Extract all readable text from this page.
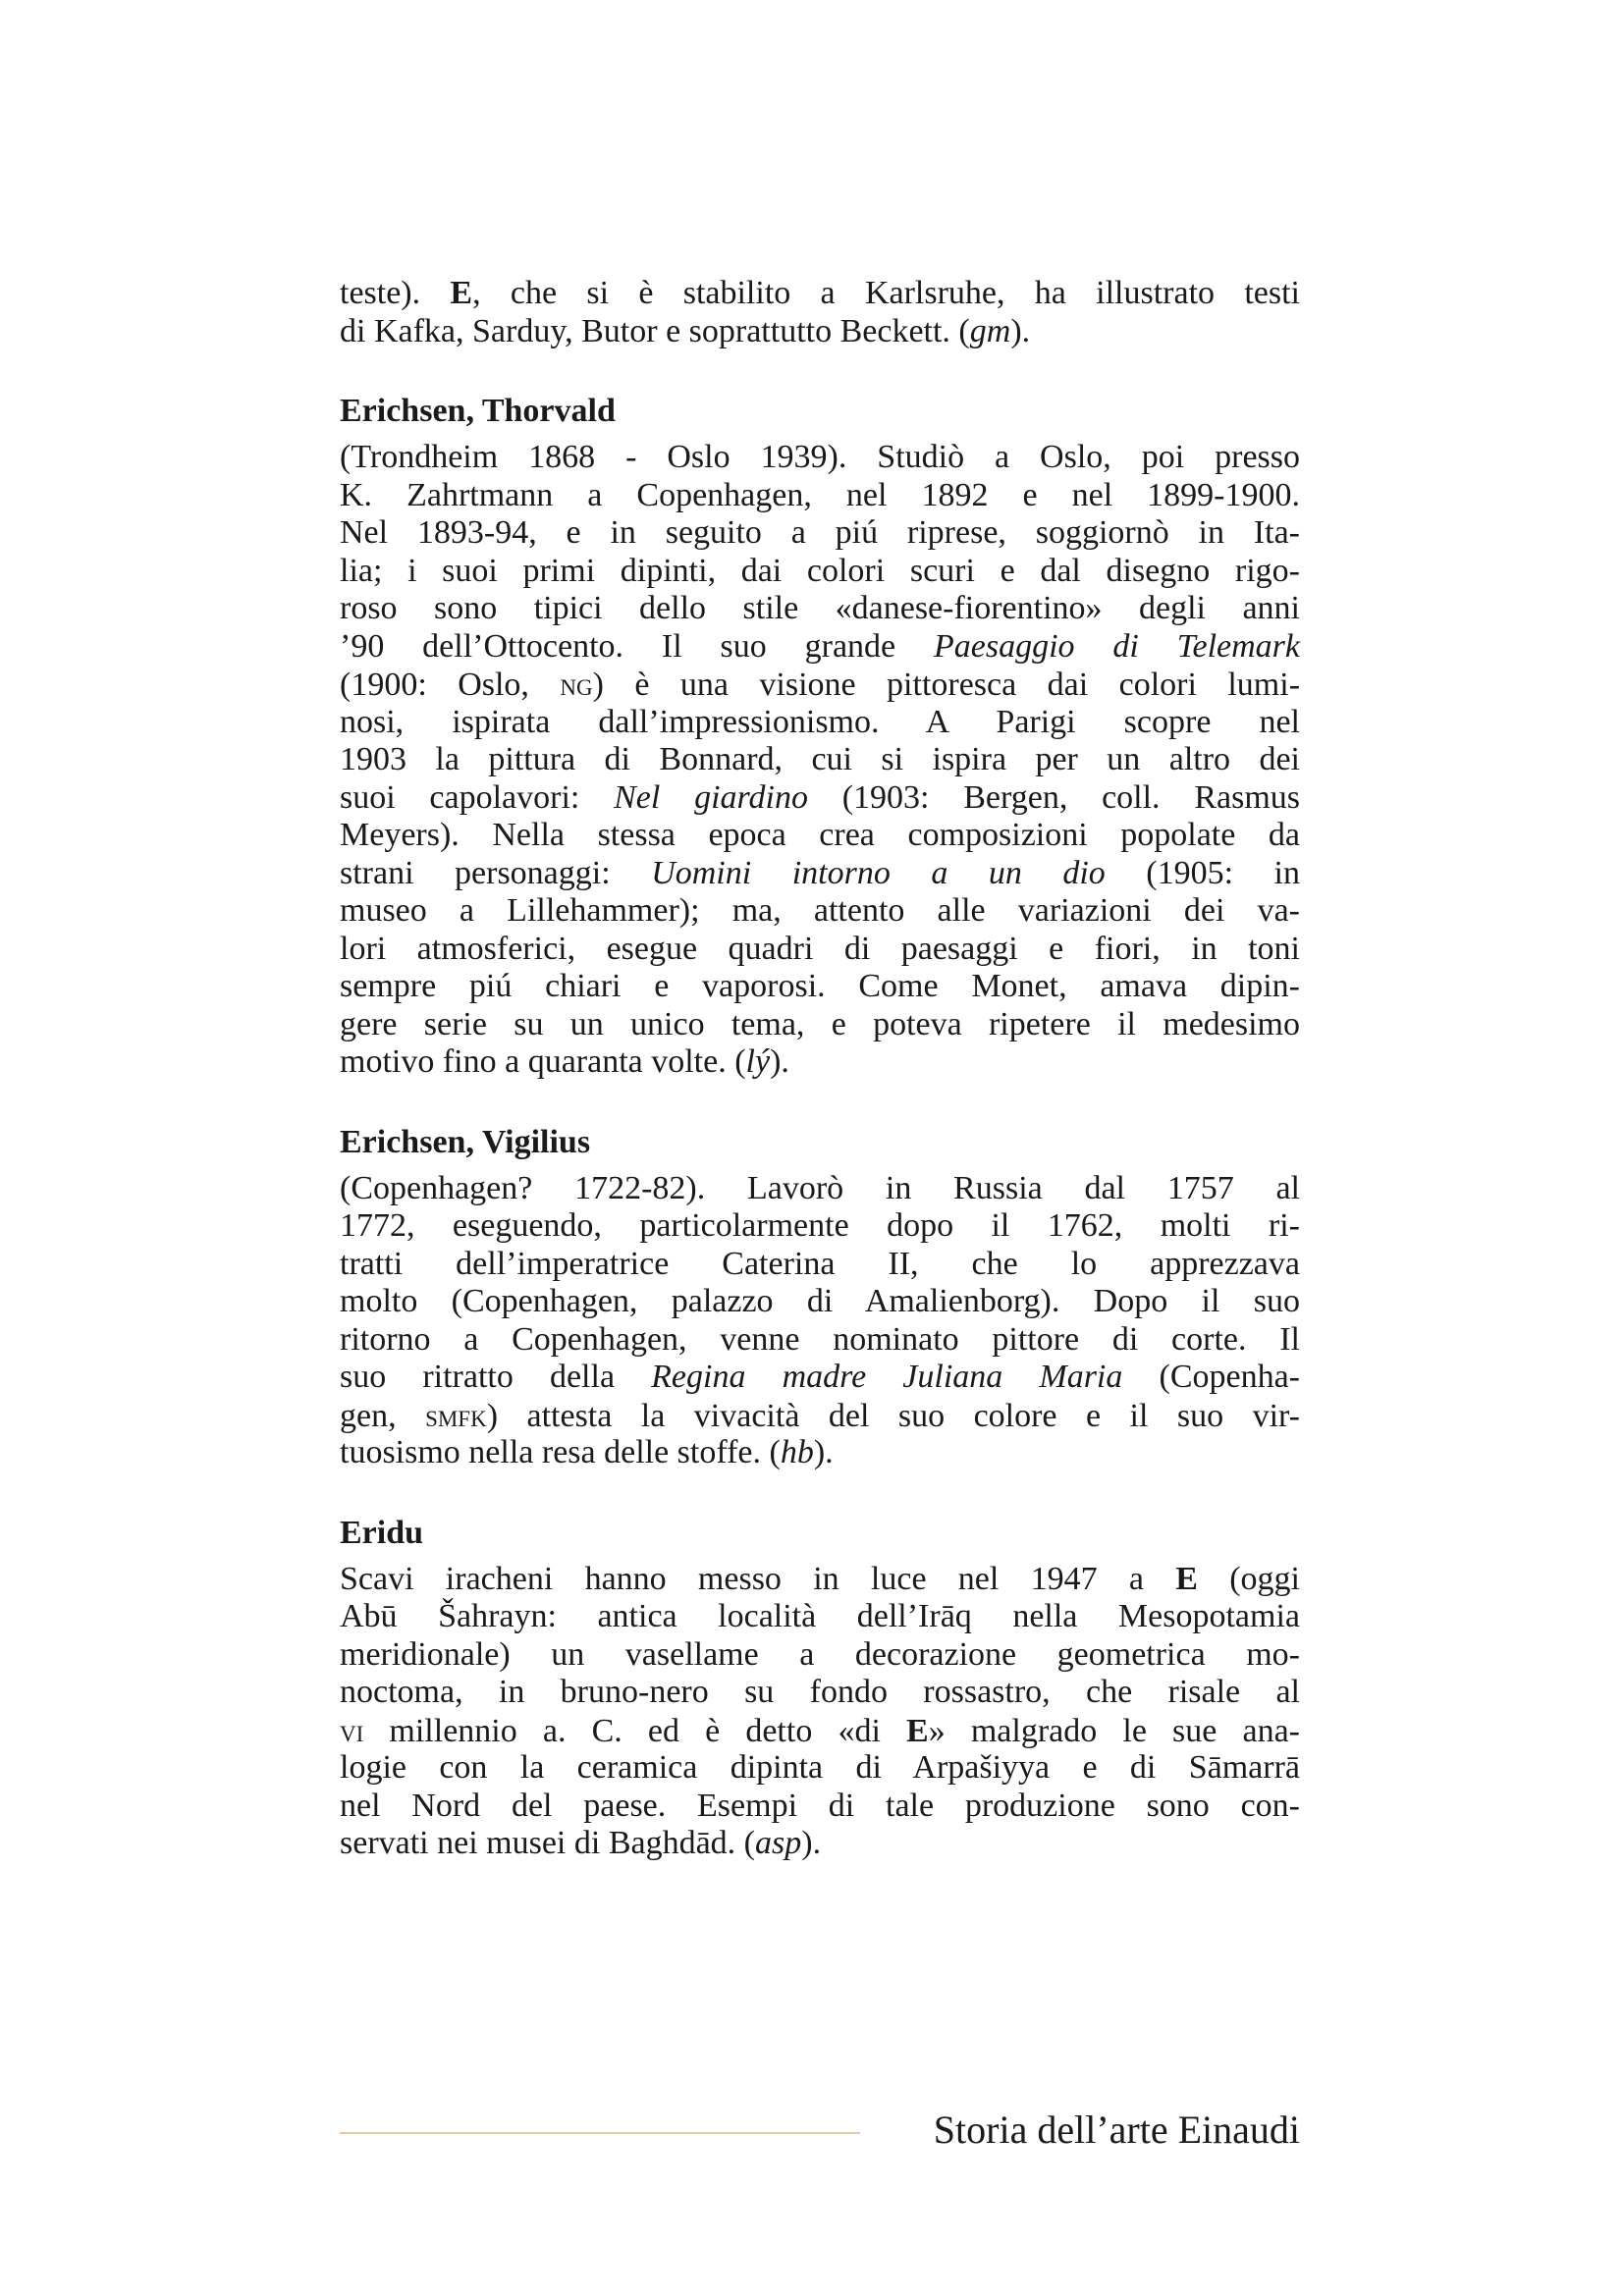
teste). E, che si è stabilito a Karlsruhe, ha illustrato testi
di Kafka, Sarduy, Butor e soprattutto Beckett. (gm).
Erichsen, Thorvald
(Trondheim 1868 - Oslo 1939). Studiò a Oslo, poi presso
K. Zahrtmann a Copenhagen, nel 1892 e nel 1899-1900.
Nel 1893-94, e in seguito a piú riprese, soggiornò in Ita-
lia; i suoi primi dipinti, dai colori scuri e dal disegno rigo-
roso sono tipici dello stile «danese-fiorentino» degli anni
’90 dell’Ottocento. Il suo grande Paesaggio di Telemark
(1900: Oslo, ng) è una visione pittoresca dai colori lumi-
nosi, ispirata dall’impressionismo. A Parigi scopre nel
1903 la pittura di Bonnard, cui si ispira per un altro dei
suoi capolavori: Nel giardino (1903: Bergen, coll. Rasmus
Meyers). Nella stessa epoca crea composizioni popolate da
strani personaggi: Uomini intorno a un dio (1905: in
museo a Lillehammer); ma, attento alle variazioni dei va-
lori atmosferici, esegue quadri di paesaggi e fiori, in toni
sempre piú chiari e vaporosi. Come Monet, amava dipin-
gere serie su un unico tema, e poteva ripetere il medesimo
motivo fino a quaranta volte. (lý).
Erichsen, Vigilius
(Copenhagen? 1722-82). Lavorò in Russia dal 1757 al
1772, eseguendo, particolarmente dopo il 1762, molti ri-
tratti dell’imperatrice Caterina II, che lo apprezzava
molto (Copenhagen, palazzo di Amalienborg). Dopo il suo
ritorno a Copenhagen, venne nominato pittore di corte. Il
suo ritratto della Regina madre Juliana Maria (Copenha-
gen, smfk) attesta la vivacità del suo colore e il suo vir-
tuosismo nella resa delle stoffe. (hb).
Eridu
Scavi iracheni hanno messo in luce nel 1947 a E (oggi
Abū Šahrayn: antica località dell’Irāq nella Mesopotamia
meridionale) un vasellame a decorazione geometrica mo-
noctoma, in bruno-nero su fondo rossastro, che risale al
vi millennio a. C. ed è detto «di E» malgrado le sue ana-
logie con la ceramica dipinta di Arpašiyya e di Sāmarrā
nel Nord del paese. Esempi di tale produzione sono con-
servati nei musei di Baghdād. (asp).
Storia dell’arte Einaudi
